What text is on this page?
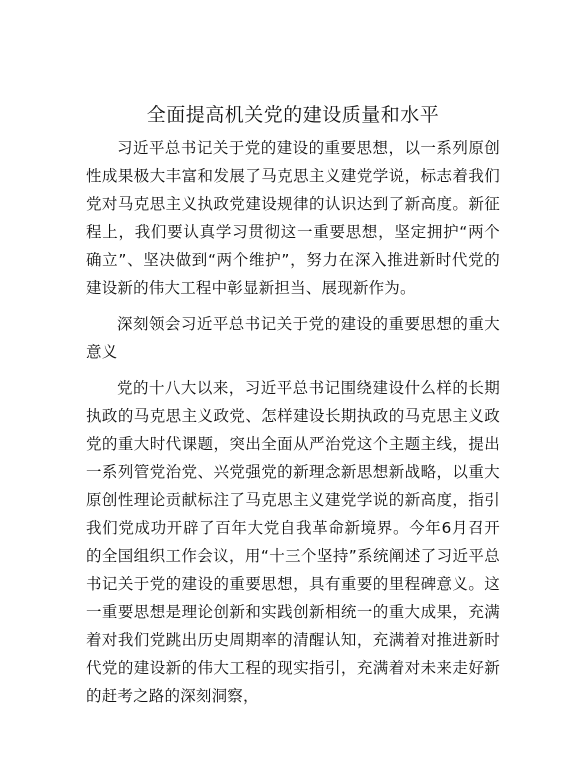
全面提高机关党的建设质量和水平

习近平总书记关于党的建设的重要思想，以一系列原创性成果极大丰富和发展了马克思主义建党学说，标志着我们党对马克思主义执政党建设规律的认识达到了新高度。新征程上，我们要认真学习贯彻这一重要思想，坚定拥护“两个确立”、坚决做到“两个维护”，努力在深入推进新时代党的建设新的伟大工程中彰显新担当、展现新作为。

深刻领会习近平总书记关于党的建设的重要思想的重大意义

党的十八大以来，习近平总书记围绕建设什么样的长期执政的马克思主义政党、怎样建设长期执政的马克思主义政党的重大时代课题，突出全面从严治党这个主题主线，提出一系列管党治党、兴党强党的新理念新思想新战略，以重大原创性理论贡献标注了马克思主义建党学说的新高度，指引我们党成功开辟了百年大党自我革命新境界。今年6月召开的全国组织工作会议，用“十三个坚持”系统阐述了习近平总书记关于党的建设的重要思想，具有重要的里程碑意义。这一重要思想是理论创新和实践创新相统一的重大成果，充满着对我们党跳出历史周期率的清醒认知，充满着对推进新时代党的建设新的伟大工程的现实指引，充满着对未来走好新的赶考之路的深刻洞察，
